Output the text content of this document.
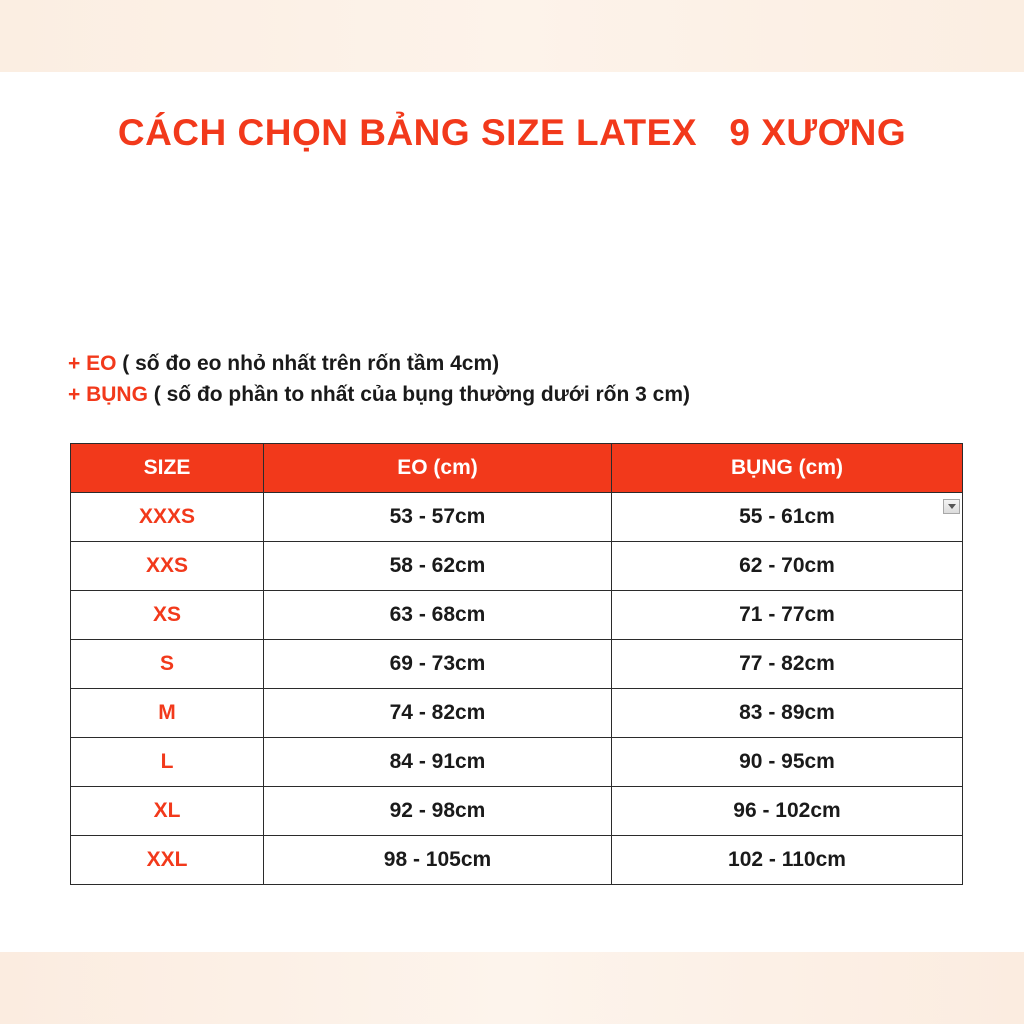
CÁCH CHỌN BẢNG SIZE LATEX   9 XƯƠNG
+ EO ( số đo eo nhỏ nhất trên rốn tầm 4cm)
+ BỤNG ( số đo phần to nhất của bụng thường dưới rốn 3 cm)
SIZE	EO (cm)	BỤNG (cm)
XXXS	53 - 57cm	55 - 61cm

XXS	58 - 62cm	62 - 70cm
XS	63 - 68cm	71 - 77cm
S	69 - 73cm	77 - 82cm
M	74 - 82cm	83 - 89cm
L	84 - 91cm	90 - 95cm
XL	92 - 98cm	96 - 102cm
XXL	98 - 105cm	102 - 110cm
